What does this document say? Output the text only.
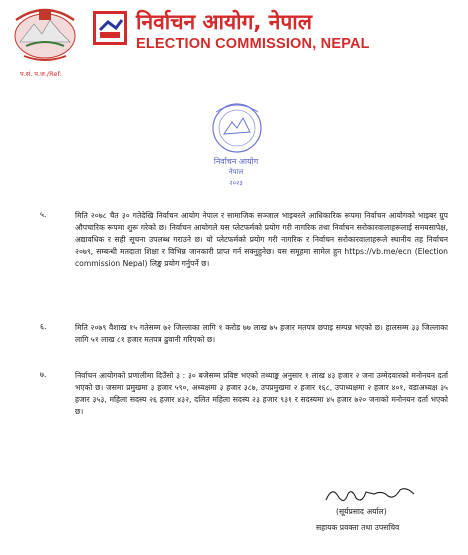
निर्वाचन आयोग, नेपाल
ELECTION COMMISSION, NEPAL
प.सं. प.ज./Ref:
निर्वाचन आयोग
नेपाल
२०२३
५.	मिति २०७८ चैत ३० गतेदेखि निर्वाचन आयोग नेपाल र सामाजिक सञ्जाल भाइबरले आधिकारिक रूपमा निर्वाचन आयोगको भाइबर ग्रुप औपचारिक रूपमा शुरू गरेको छ। निर्वाचन आयोगले यस प्लेटफर्मको प्रयोग गरी नागरिक तथा निर्वाचन सरोकारवालाहरूलाई समयसापेक्ष, अद्यावधिक र सही सूचना उपलब्ध गराउने छ। यो प्लेटफर्मको प्रयोग गरी नागरिक र निर्वाचन सरोकारवालाहरूले स्थानीय तह निर्वाचन २०७९, सम्बन्धी मतदाता शिक्षा र विभिन्न जानकारी प्राप्त गर्न सक्नुहुनेछ। यस समूहमा सामेल हुन https://vb.me/ecn (Election commission Nepal) लिङ्क प्रयोग गर्नुपर्ने छ।
६.	मिति २०७९ वैशाख १५ गतेसम्म ७२ जिल्लाका लागि १ करोड ७७ लाख ७५ हजार मतपत्र छपाइ सम्पन्न भएको छ। हालसम्म ३३ जिल्लाका लागि ५१ लाख ८१ हजार मतपत्र ढुवानी गरिएको छ।
७.	निर्वाचन आयोगको प्रणालीमा दिउँसो ३ : ३० बजेसम्म प्रविष्ट भएको तथ्याङ्क अनुसार १ लाख ४३ हजार २ जना उम्मेदवारको मनोनयन दर्ता भएको छ। जसमा प्रमुखमा ३ हजार ५९०, अध्यक्षमा ३ हजार ३८७, उपप्रमुखमा २ हजार १६८, उपाध्यक्षमा २ हजार ४०१, वडाअध्यक्ष ३५ हजार ३५३, महिला सदस्य २६ हजार ४३२, दलित महिला सदस्य २३ हजार ९३१ र सदस्यमा ४५ हजार ७२० जनाको मनोनयन दर्ता भएको छ।
(सूर्यप्रसाद अर्याल)
सहायक प्रवक्ता तथा उपसचिव
